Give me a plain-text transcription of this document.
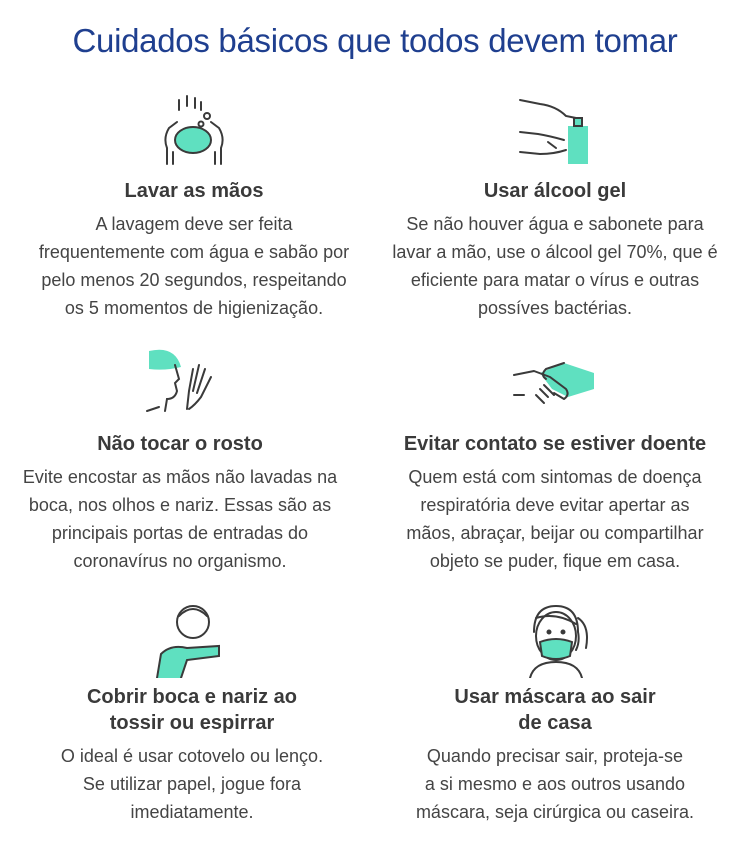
Cuidados básicos que todos devem tomar
Lavar as mãos

A lavagem deve ser feita
frequentemente com água e sabão por
pelo menos 20 segundos, respeitando
os 5 momentos de higienização.

Usar álcool gel

Se não houver água e sabonete para
lavar a mão, use o álcool gel 70%, que é
eficiente para matar o vírus e outras
possíves bactérias.

Não tocar o rosto

Evite encostar as mãos não lavadas na
boca, nos olhos e nariz. Essas são as
principais portas de entradas do
coronavírus no organismo.

Evitar contato se estiver doente

Quem está com sintomas de doença
respiratória deve evitar apertar as
mãos, abraçar, beijar ou compartilhar
objeto se puder, fique em casa.

Cobrir boca e nariz ao
tossir ou espirrar

O ideal é usar cotovelo ou lenço.
Se utilizar papel, jogue fora
imediatamente.

Usar máscara ao sair
de casa

Quando precisar sair, proteja-se
a si mesmo e aos outros usando
máscara, seja cirúrgica ou caseira.
